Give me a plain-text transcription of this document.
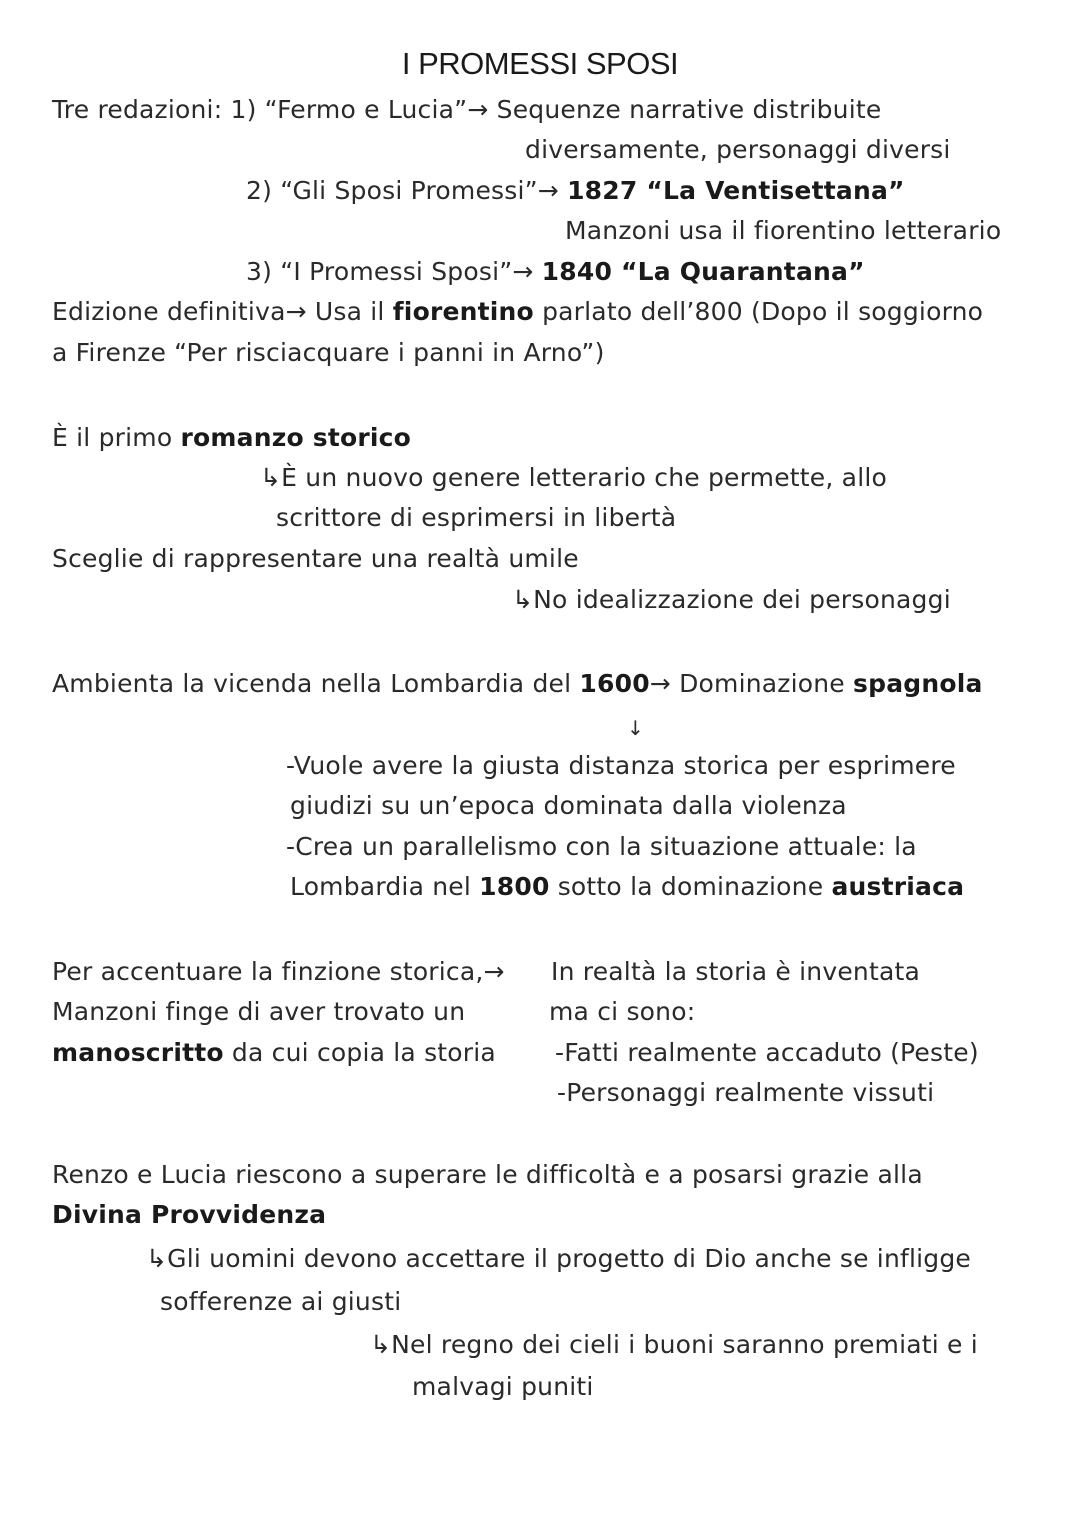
I PROMESSI SPOSI
Tre redazioni: 1) “Fermo e Lucia”→ Sequenze narrative distribuite
diversamente, personaggi diversi
2) “Gli Sposi Promessi”→ 1827 “La Ventisettana”
Manzoni usa il fiorentino letterario
3) “I Promessi Sposi”→ 1840 “La Quarantana”
Edizione definitiva→ Usa il fiorentino parlato dell’800 (Dopo il soggiorno
a Firenze “Per risciacquare i panni in Arno”)
È il primo romanzo storico
↳È un nuovo genere letterario che permette, allo
scrittore di esprimersi in libertà
Sceglie di rappresentare una realtà umile
↳No idealizzazione dei personaggi
Ambienta la vicenda nella Lombardia del 1600→ Dominazione spagnola
↓
-Vuole avere la giusta distanza storica per esprimere
giudizi su un’epoca dominata dalla violenza
-Crea un parallelismo con la situazione attuale: la
Lombardia nel 1800 sotto la dominazione austriaca
Per accentuare la finzione storica,→
Manzoni finge di aver trovato un
manoscritto da cui copia la storia
In realtà la storia è inventata
ma ci sono:
-Fatti realmente accaduto (Peste)
-Personaggi realmente vissuti
Renzo e Lucia riescono a superare le difficoltà e a posarsi grazie alla
Divina Provvidenza
↳Gli uomini devono accettare il progetto di Dio anche se infligge
sofferenze ai giusti
↳Nel regno dei cieli i buoni saranno premiati e i
malvagi puniti
